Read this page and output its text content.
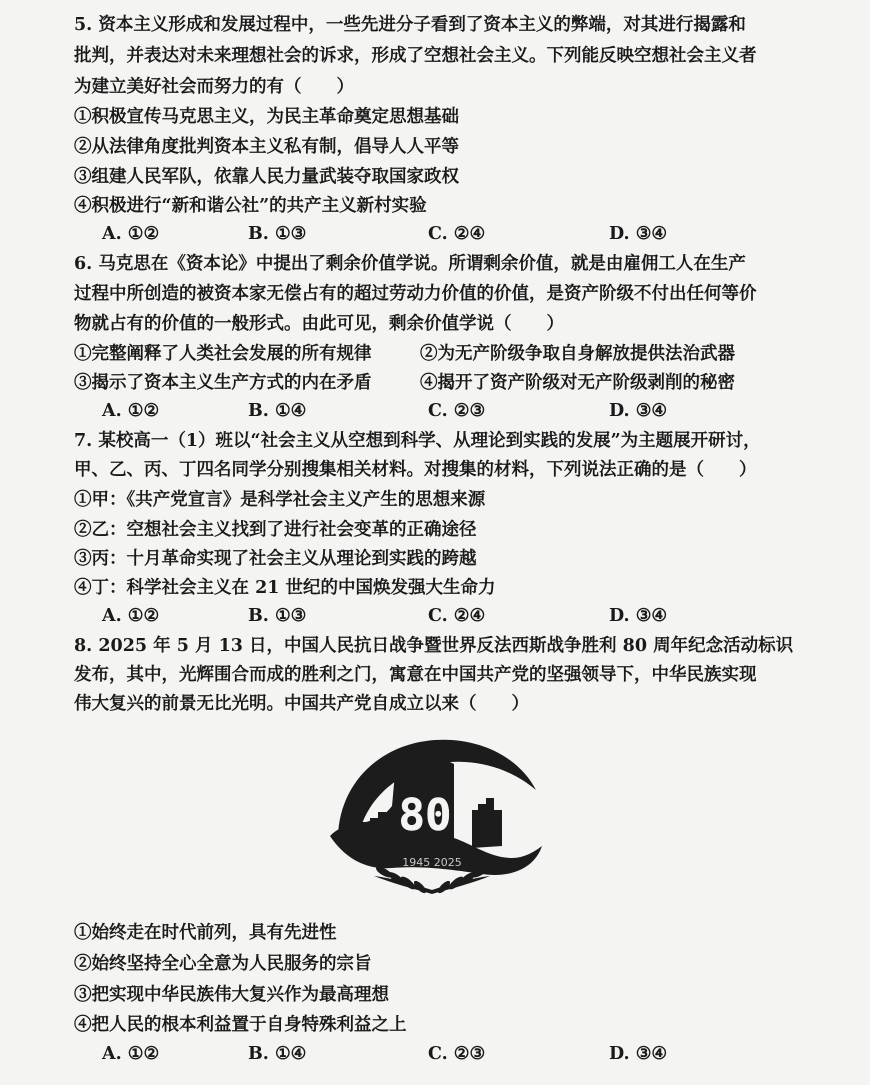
5. 资本主义形成和发展过程中，一些先进分子看到了资本主义的弊端，对其进行揭露和
批判，并表达对未来理想社会的诉求，形成了空想社会主义。下列能反映空想社会主义者
为建立美好社会而努力的有（　　）
①积极宣传马克思主义，为民主革命奠定思想基础
②从法律角度批判资本主义私有制，倡导人人平等
③组建人民军队，依靠人民力量武装夺取国家政权
④积极进行“新和谐公社”的共产主义新村实验
A. ①②	B. ①③	C. ②④	D. ③④
6. 马克思在《资本论》中提出了剩余价值学说。所谓剩余价值，就是由雇佣工人在生产
过程中所创造的被资本家无偿占有的超过劳动力价值的价值，是资产阶级不付出任何等价
物就占有的价值的一般形式。由此可见，剩余价值学说（　　）
①完整阐释了人类社会发展的所有规律	②为无产阶级争取自身解放提供法治武器
③揭示了资本主义生产方式的内在矛盾	④揭开了资产阶级对无产阶级剥削的秘密
A. ①②	B. ①④	C. ②③	D. ③④
7. 某校高一（1）班以“社会主义从空想到科学、从理论到实践的发展”为主题展开研讨，
甲、乙、丙、丁四名同学分别搜集相关材料。对搜集的材料，下列说法正确的是（　　）
①甲：《共产党宣言》是科学社会主义产生的思想来源
②乙：空想社会主义找到了进行社会变革的正确途径
③丙：十月革命实现了社会主义从理论到实践的跨越
④丁：科学社会主义在 21 世纪的中国焕发强大生命力
A. ①②	B. ①③	C. ②④	D. ③④
8. 2025 年 5 月 13 日，中国人民抗日战争暨世界反法西斯战争胜利 80 周年纪念活动标识
发布，其中，光辉围合而成的胜利之门，寓意在中国共产党的坚强领导下，中华民族实现
伟大复兴的前景无比光明。中国共产党自成立以来（　　）
80
1945 2025
①始终走在时代前列，具有先进性
②始终坚持全心全意为人民服务的宗旨
③把实现中华民族伟大复兴作为最高理想
④把人民的根本利益置于自身特殊利益之上
A. ①②	B. ①④	C. ②③	D. ③④
